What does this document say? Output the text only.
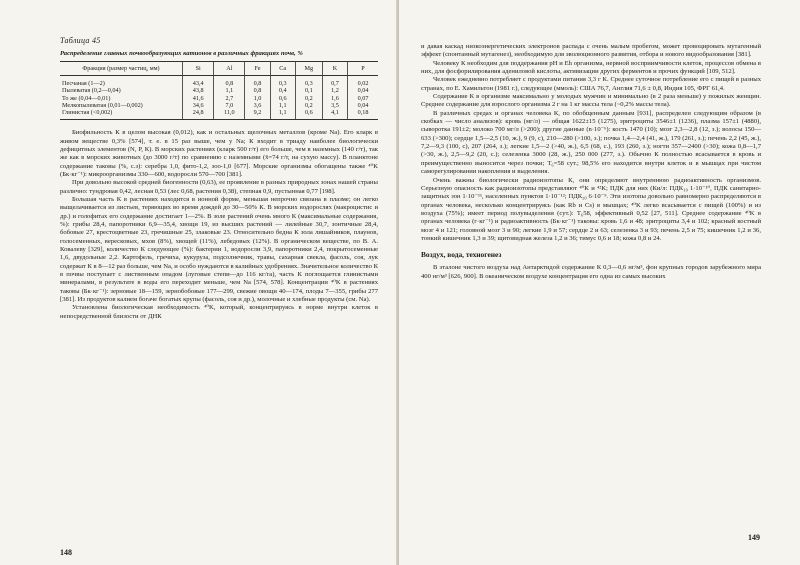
Таблица 45
Распределение главных почвообразующих катионов в различных фракциях почв, %
Фракция (размер частиц, мм)	Si	Al	Fe	Ca	Mg	K	P
Песчаная (1—2)	43,4	0,8	0,8	0,3	0,3	0,7	0,02
Пылеватая (0,2—0,04)	43,8	1,1	0,8	0,4	0,1	1,2	0,04
То же (0,04—0,01)	41,6	2,7	1,0	0,6	0,2	1,6	0,07
Мелкопылеватая (0,01—0,002)	34,6	7,0	3,6	1,1	0,2	3,5	0,04
Глинистая (<0,002)	24,8	11,0	9,2	1,1	0,6	4,1	0,18

Биофильность К в целом высокая (0,012), как и остальных щелочных металлов (кроме Na). Его кларк в живом веществе 0,3% [574], т. е. в 15 раз выше, чем у Na; К входит в триаду наиболее биологически дефицитных элементов (N, P, К). В морских растениях (кларк 500 г/т) его больше, чем в наземных (140 г/т), так же как в морских животных (до 3000 г/т) по сравнению с наземными (x̄=74 г/т, на сухую массу). В планктоне содержание таковы (%, с.з): серебра 1,0, фито-1,2, зоо-1,0 [677]. Морские организмы обогащены также ⁴⁰K (Бк·кг⁻¹): микроорганизмы 330—600, водоросли 570—700 [381].

При довольно высокой средней биогенности (0,63), ее проявление в разных природных зонах нашей страны различно: тундровая 0,42, лесная 0,53 (лес 0,68, растения 0,38), степная 0,9, пустынная 0,77 [198].

Большая часть К в растениях находится в ионной форме, меньшая непрочно связана в плазме; он легко выщелачивается из листьев, теряющих во время дождей до 30—50% К. В морских водорослях (макроцистис и др.) и голофитах его содержание достигает 1—2%. В золе растений очень много К (максимальные содержания, %): грибы 28,4, папоротники 6,9—35,4, хвощи 19, из высших растений — лилейные 30,7, зонтичные 28,4, бобовые 27, крестоцветные 23, гречишные 25, злаковые 23. Относительно бедна К зола лишайников, плаунов, голосеменных, вересковых, мхов (8%), хвощей (11%), лебедовых (12%). В органическом веществе, по В. А. Ковалеву [329], количество К следующее (%): бактерии 1, водоросли 3,9, папоротники 2,4, покрытосеменные 1,6, двудольные 2,2. Картофель, гречиха, кукуруза, подсолнечник, травы, сахарная свекла, фасоль, соя, лук содержат К в 8—12 раз больше, чем Na, и особо нуждаются в калийных удобрениях. Значительное количество К в почвы поступает с лиственным опадом (луговые степи—до 116 кг/га), часть К поглощается глинистыми минералами, в результате в воды его переходит меньше, чем Na [574, 578]. Концентрации ⁴⁰K в растениях таковы (Бк·кг⁻¹): зерновые 18—159, зернобобовые 177—299, свежие овощи 40—174, плоды 7—355, грибы 277 [381]. Из продуктов калием богаче богатых крупы (фасоль, соя и др.), молочные и хлебные продукты (см. Na).

Установлена биологическая необходимость ⁴⁰K, который, концентрируясь в норме внутри клеток в непосредственной близости от ДНК

148

и давая каскад низкоэнергетических электронов распада с очень малым пробегом, может провоцировать мутагенный эффект (спонтанный мутагенез), необходимую для эволюционного развития, отбора и нового видообразования [381].

Человеку К необходим для поддержания pH и Eh организма, нервной восприимчивости клеток, процессов обмена в них, для фосфорилирования адениловой кислоты, активизации других ферментов и прочих функций [109, 512].

Человек ежедневно потребляет с продуктами питания 3,3 г К. Среднее суточное потребление его с пищей в разных странах, по Е. Хамильтон (1981 г.), следующее (ммоль): США 76,7, Англия 71,6 ± 0,8, Индия 105, ФРГ 61,4.

Содержание К в организме максимально у молодых мужчин и минимально (в 2 раза меньше) у пожилых женщин. Среднее содержание для взрослого организма 2 г на 1 кг массы тела (~0,2% массы тела).

В различных средах и органах человека К, по обобщенным данным [931], распределен следующим образом (в скобках — число анализов): кровь (мг/л) — общая 1622±15 (1275), эритроциты 3546±1 (1236), плазма 157±1 (4880), сыворотка 191±2; молоко 700 мг/л (>200); другие данные (n·10⁻⁶): кость 1470 (10); мозг 2,3—2,8 (12, з.); волосы 150—633 (>300); сердце 1,5—2,5 (10, ж.), 9 (9, с), 210—280 (>100, з.); почка 1,4—2,4 (41, ж.), 179 (261, з.); печень 2,2 (45, ж.), 7,2—9,3 (100, с), 207 (264, з.); легкие 1,5—2 (>40, ж.), 6,5 (68, с.), 193 (260, з.); ногти 357—2400 (>30); кожа 0,8—1,7 (>30, ж.), 2,5—9,2 (20, с.); селезенка 3000 (28, ж.), 250 000 (277, з.). Обычно К полностью всасывается в кровь и преимущественно выносится через почки; T₆=58 сут.; 98,5% его находится внутри клеток и в мышцах при чистом саморегулировании накопления и выделения.

Очень важны биологически радиоизотопы К, они определяют внутреннюю радиоактивность организмов. Серьезную опасность как радиоизотопы представляют ⁴⁰K и ⁴²K; ПДК для них (Ки/л: ПДК₁₀ 1·10⁻¹⁰, ПДК санитарно-защитных зон 1·10⁻¹¹, населенных пунктов 1·10⁻¹²; ПДК₂₀ 6·10⁻⁹. Эти изотопы довольно равномерно распределяются в органах человека, несколько концентрируясь (как Rb и Cs) в мышцах; ⁴⁰K легко всасывается с пищей (100%) и из воздуха (75%); имеет период полувыделения (сут.): T₆58, эффективный 0,52 [27, 511]. Среднее содержание ⁴⁰K в органах человека (г·кг⁻¹) и радиоактивность (Бк·кг⁻¹) таковы: кровь 1,6 и 48; эритроциты 3,4 и 102; красный костный мозг 4 и 121; головной мозг 3 и 90; легкие 1,9 и 57; сердце 2 и 63; селезенка 3 и 93; печень 2,5 и 75; кишечник 1,2 и 36, тонкий кишечник 1,3 и 39; щитовидная железа 1,2 и 36; тимус 0,6 и 18; кожа 0,8 и 24.

Воздух, вода, техногенез

В эталоне чистого воздуха над Антарктидой содержание К 0,3—0,6 нг/м³, фон крупных городов зарубежного мира 400 нг/м³ [626, 900]. В океаническом воздухе концентрация его одна из самых высоких

149
